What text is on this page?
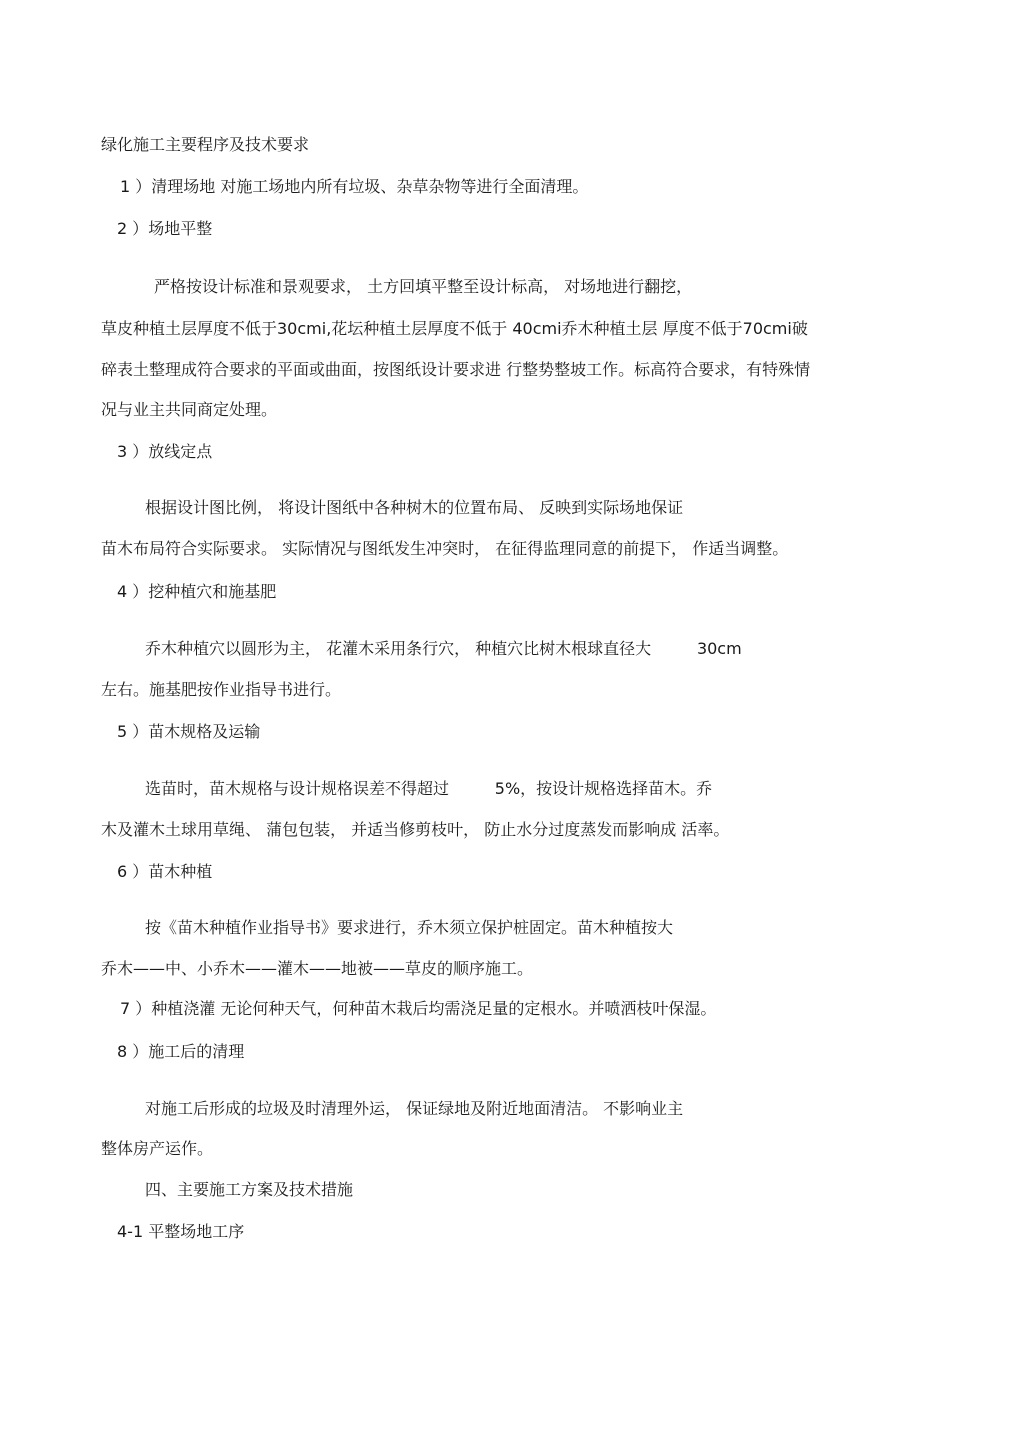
绿化施工主要程序及技术要求
1 ）清理场地 对施工场地内所有垃圾、杂草杂物等进行全面清理。
2 ）场地平整
严格按设计标准和景观要求， 土方回填平整至设计标高， 对场地进行翻挖，
草皮种植土层厚度不低于30cmi,花坛种植土层厚度不低于 40cmi乔木种植土层 厚度不低于70cmi破
碎表土整理成符合要求的平面或曲面，按图纸设计要求进 行整势整坡工作。标高符合要求，有特殊情
况与业主共同商定处理。
3 ）放线定点
根据设计图比例， 将设计图纸中各种树木的位置布局、 反映到实际场地保证
苗木布局符合实际要求。 实际情况与图纸发生冲突时， 在征得监理同意的前提下， 作适当调整。
4 ）挖种植穴和施基肥
乔木种植穴以圆形为主， 花灌木采用条行穴， 种植穴比树木根球直径大         30cm
左右。施基肥按作业指导书进行。
5 ）苗木规格及运输
选苗时，苗木规格与设计规格误差不得超过         5%，按设计规格选择苗木。乔
木及灌木土球用草绳、 蒲包包装， 并适当修剪枝叶， 防止水分过度蒸发而影响成 活率。
6 ）苗木种植
按《苗木种植作业指导书》要求进行，乔木须立保护桩固定。苗木种植按大
乔木——中、小乔木——灌木——地被——草皮的顺序施工。
7 ）种植浇灌 无论何种天气，何种苗木栽后均需浇足量的定根水。并喷洒枝叶保湿。
8 ）施工后的清理
对施工后形成的垃圾及时清理外运， 保证绿地及附近地面清洁。 不影响业主
整体房产运作。
四、主要施工方案及技术措施
4-1 平整场地工序
